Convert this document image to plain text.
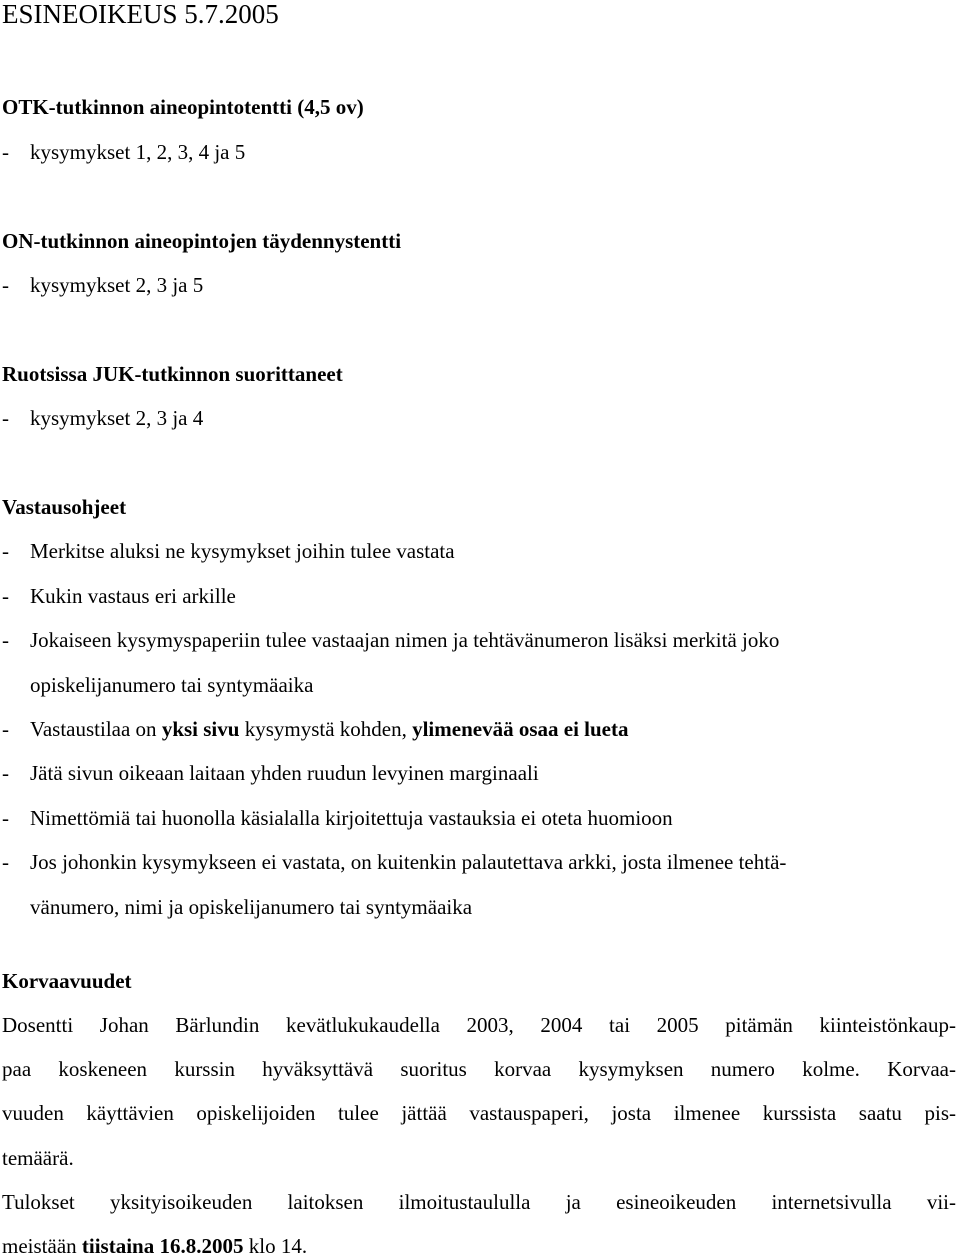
ESINEOIKEUS 5.7.2005
OTK-tutkinnon aineopintotentti (4,5 ov)
- kysymykset 1, 2, 3, 4 ja 5
ON-tutkinnon aineopintojen täydennystentti
- kysymykset 2, 3 ja 5
Ruotsissa JUK-tutkinnon suorittaneet
- kysymykset 2, 3 ja 4
Vastausohjeet
- Merkitse aluksi ne kysymykset joihin tulee vastata
- Kukin vastaus eri arkille
- Jokaiseen kysymyspaperiin tulee vastaajan nimen ja tehtävänumeron lisäksi merkitä joko
opiskelijanumero tai syntymäaika
- Vastaustilaa on yksi sivu kysymystä kohden, ylimenevää osaa ei lueta
- Jätä sivun oikeaan laitaan yhden ruudun levyinen marginaali
- Nimettömiä tai huonolla käsialalla kirjoitettuja vastauksia ei oteta huomioon
- Jos johonkin kysymykseen ei vastata, on kuitenkin palautettava arkki, josta ilmenee tehtä-
vänumero, nimi ja opiskelijanumero tai syntymäaika
Korvaavuudet
Dosentti Johan Bärlundin kevätlukukaudella 2003, 2004 tai 2005 pitämän kiinteistönkaup-
paa koskeneen kurssin hyväksyttävä suoritus korvaa kysymyksen numero kolme. Korvaa-
vuuden käyttävien opiskelijoiden tulee jättää vastauspaperi, josta ilmenee kurssista saatu pis-
temäärä.
Tulokset yksityisoikeuden laitoksen ilmoitustaululla ja esineoikeuden internetsivulla vii-
meistään tiistaina 16.8.2005 klo 14.
